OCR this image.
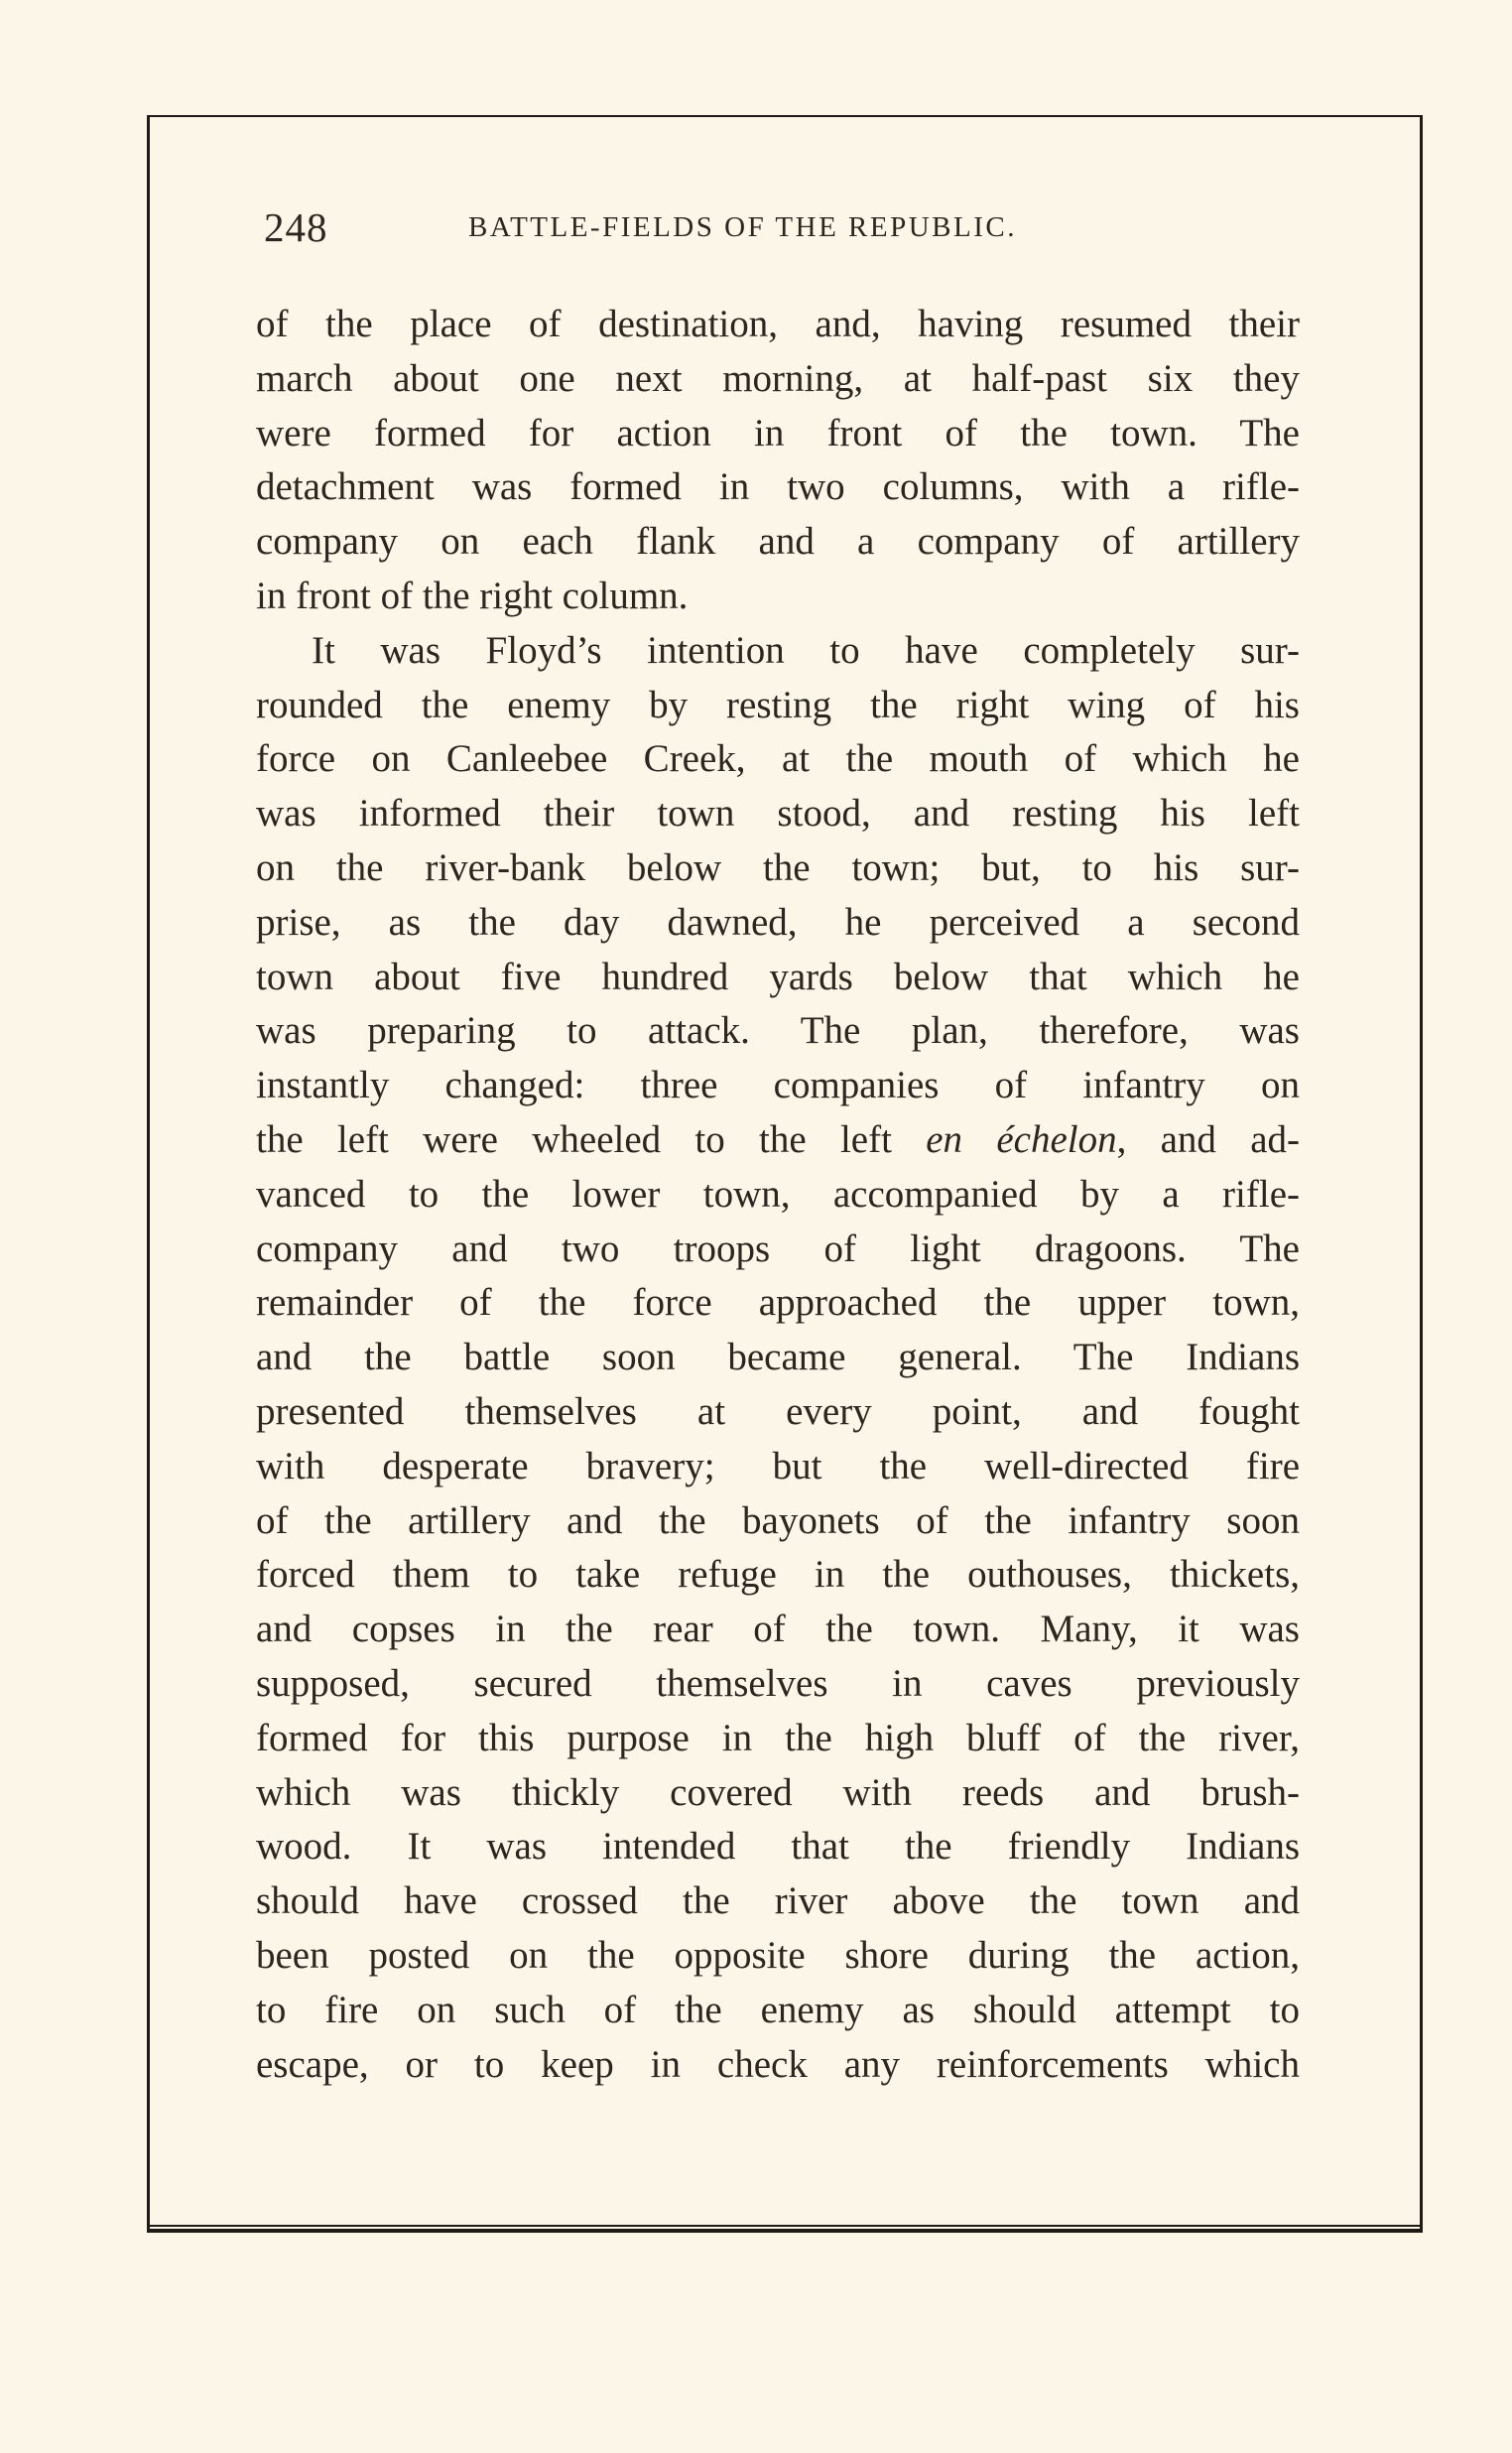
248	BATTLE-FIELDS OF THE REPUBLIC.
of the place of destination, and, having resumed their
march about one next morning, at half-past six they
were formed for action in front of the town. The
detachment was formed in two columns, with a rifle-
company on each flank and a company of artillery
in front of the right column.
It was Floyd’s intention to have completely sur-
rounded the enemy by resting the right wing of his
force on Canleebee Creek, at the mouth of which he
was informed their town stood, and resting his left
on the river-bank below the town; but, to his sur-
prise, as the day dawned, he perceived a second
town about five hundred yards below that which he
was preparing to attack. The plan, therefore, was
instantly changed: three companies of infantry on
the left were wheeled to the left en échelon, and ad-
vanced to the lower town, accompanied by a rifle-
company and two troops of light dragoons. The
remainder of the force approached the upper town,
and the battle soon became general. The Indians
presented themselves at every point, and fought
with desperate bravery; but the well-directed fire
of the artillery and the bayonets of the infantry soon
forced them to take refuge in the outhouses, thickets,
and copses in the rear of the town. Many, it was
supposed, secured themselves in caves previously
formed for this purpose in the high bluff of the river,
which was thickly covered with reeds and brush-
wood. It was intended that the friendly Indians
should have crossed the river above the town and
been posted on the opposite shore during the action,
to fire on such of the enemy as should attempt to
escape, or to keep in check any reinforcements which
